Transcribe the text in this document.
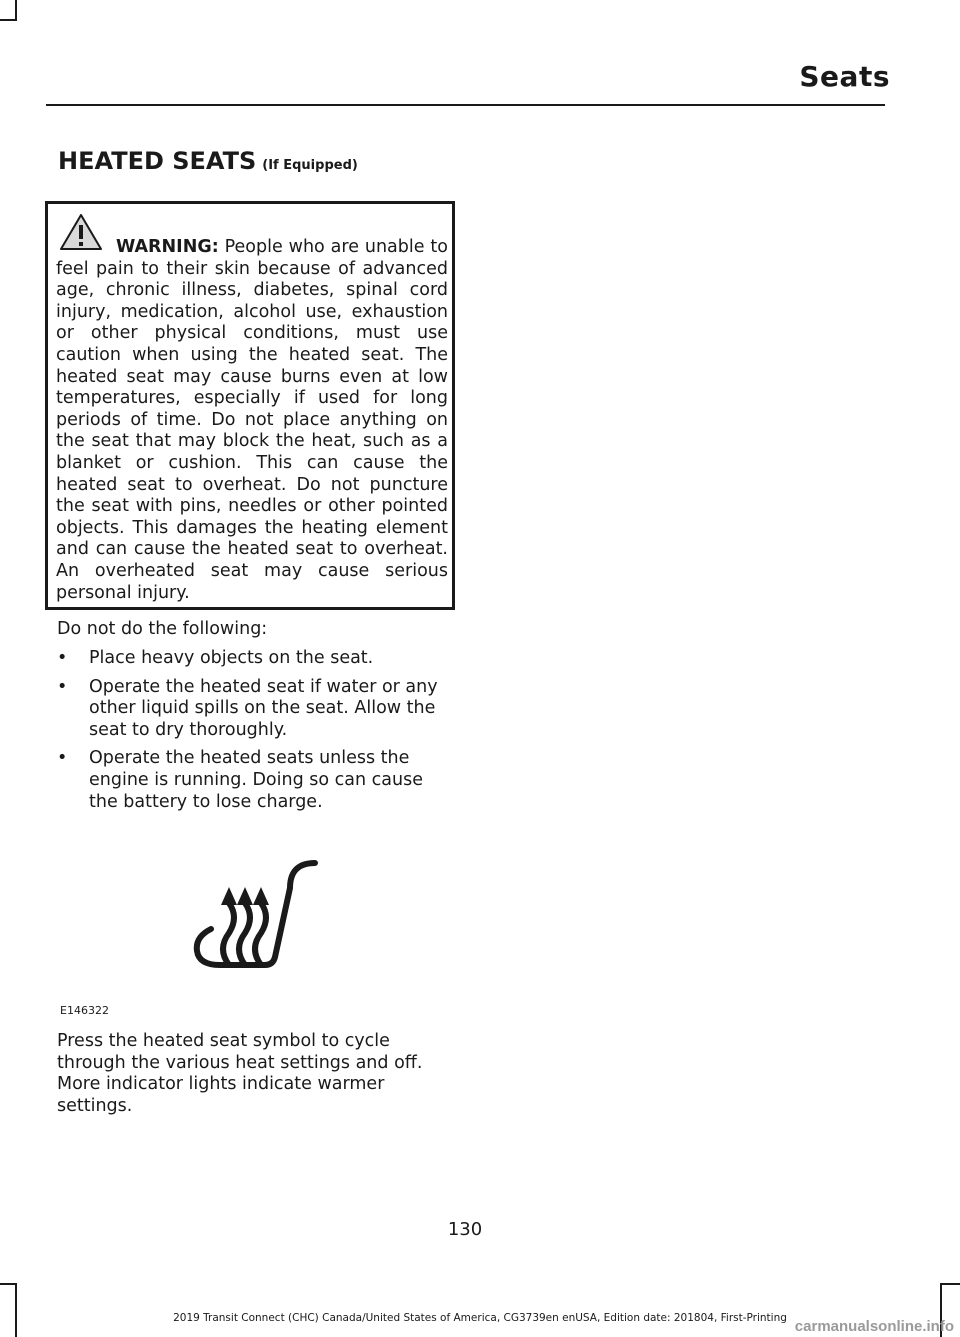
Seats
HEATED SEATS (If Equipped)
WARNING: People who are unable to feel pain to their skin because of advanced age, chronic illness, diabetes, spinal cord injury, medication, alcohol use, exhaustion or other physical conditions, must use caution when using the heated seat. The heated seat may cause burns even at low temperatures, especially if used for long periods of time. Do not place anything on the seat that may block the heat, such as a blanket or cushion. This can cause the heated seat to overheat. Do not puncture the seat with pins, needles or other pointed objects. This damages the heating element and can cause the heated seat to overheat. An overheated seat may cause serious personal injury.
Do not do the following:
• Place heavy objects on the seat.
• Operate the heated seat if water or any other liquid spills on the seat. Allow the seat to dry thoroughly.
• Operate the heated seats unless the engine is running. Doing so can cause the battery to lose charge.
E146322
Press the heated seat symbol to cycle through the various heat settings and off. More indicator lights indicate warmer settings.
130
2019 Transit Connect (CHC) Canada/United States of America, CG3739en enUSA, Edition date: 201804, First-Printing carmanualsonline.info
